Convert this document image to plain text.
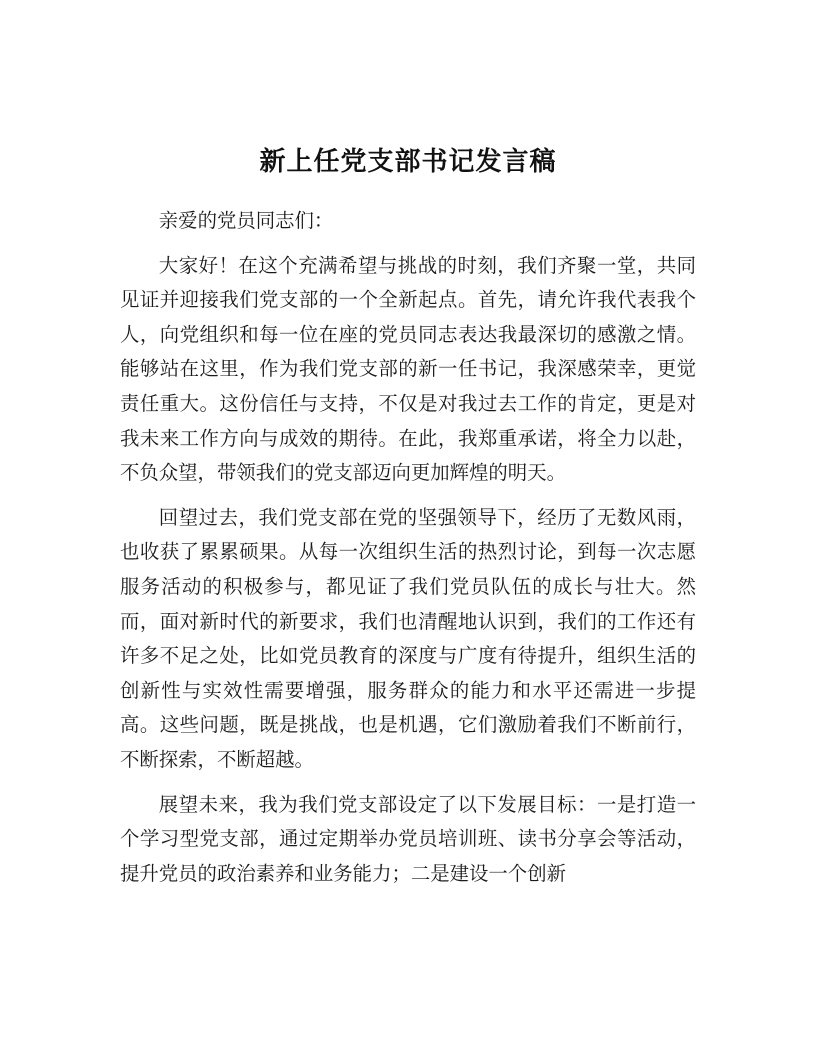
新上任党支部书记发言稿

亲爱的党员同志们：

大家好！在这个充满希望与挑战的时刻，我们齐聚一堂，共同见证并迎接我们党支部的一个全新起点。首先，请允许我代表我个人，向党组织和每一位在座的党员同志表达我最深切的感激之情。能够站在这里，作为我们党支部的新一任书记，我深感荣幸，更觉责任重大。这份信任与支持，不仅是对我过去工作的肯定，更是对我未来工作方向与成效的期待。在此，我郑重承诺，将全力以赴，不负众望，带领我们的党支部迈向更加辉煌的明天。

回望过去，我们党支部在党的坚强领导下，经历了无数风雨，也收获了累累硕果。从每一次组织生活的热烈讨论，到每一次志愿服务活动的积极参与，都见证了我们党员队伍的成长与壮大。然而，面对新时代的新要求，我们也清醒地认识到，我们的工作还有许多不足之处，比如党员教育的深度与广度有待提升，组织生活的创新性与实效性需要增强，服务群众的能力和水平还需进一步提高。这些问题，既是挑战，也是机遇，它们激励着我们不断前行，不断探索，不断超越。

展望未来，我为我们党支部设定了以下发展目标：一是打造一个学习型党支部，通过定期举办党员培训班、读书分享会等活动，提升党员的政治素养和业务能力；二是建设一个创新
